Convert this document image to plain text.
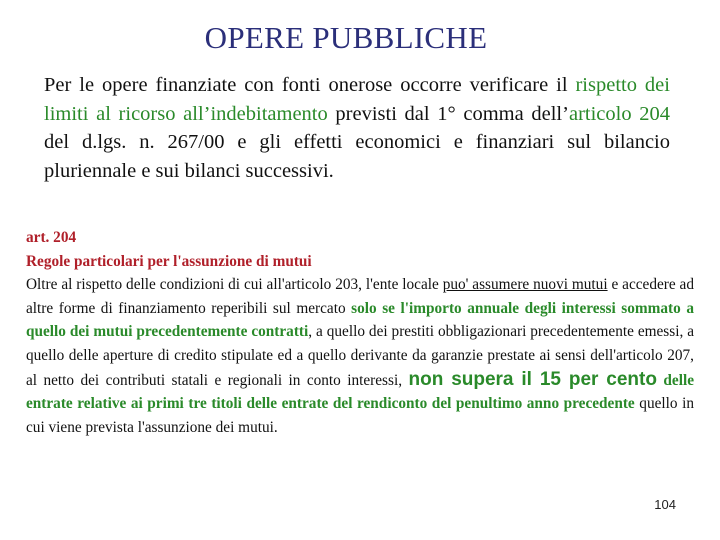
OPERE PUBBLICHE
Per le opere finanziate con fonti onerose occorre verificare il rispetto dei limiti al ricorso all’indebitamento previsti dal 1° comma dell’articolo 204 del d.lgs. n. 267/00 e gli effetti economici e finanziari sul bilancio pluriennale e sui bilanci successivi.
art. 204
Regole particolari per l'assunzione di mutui
Oltre al rispetto delle condizioni di cui all'articolo 203, l'ente locale puo' assumere nuovi mutui e accedere ad altre forme di finanziamento reperibili sul mercato solo se l'importo annuale degli interessi sommato a quello dei mutui precedentemente contratti, a quello dei prestiti obbligazionari precedentemente emessi, a quello delle aperture di credito stipulate ed a quello derivante da garanzie prestate ai sensi dell'articolo 207, al netto dei contributi statali e regionali in conto interessi, non supera il 15 per cento delle entrate relative ai primi tre titoli delle entrate del rendiconto del penultimo anno precedente quello in cui viene prevista l'assunzione dei mutui.
104
